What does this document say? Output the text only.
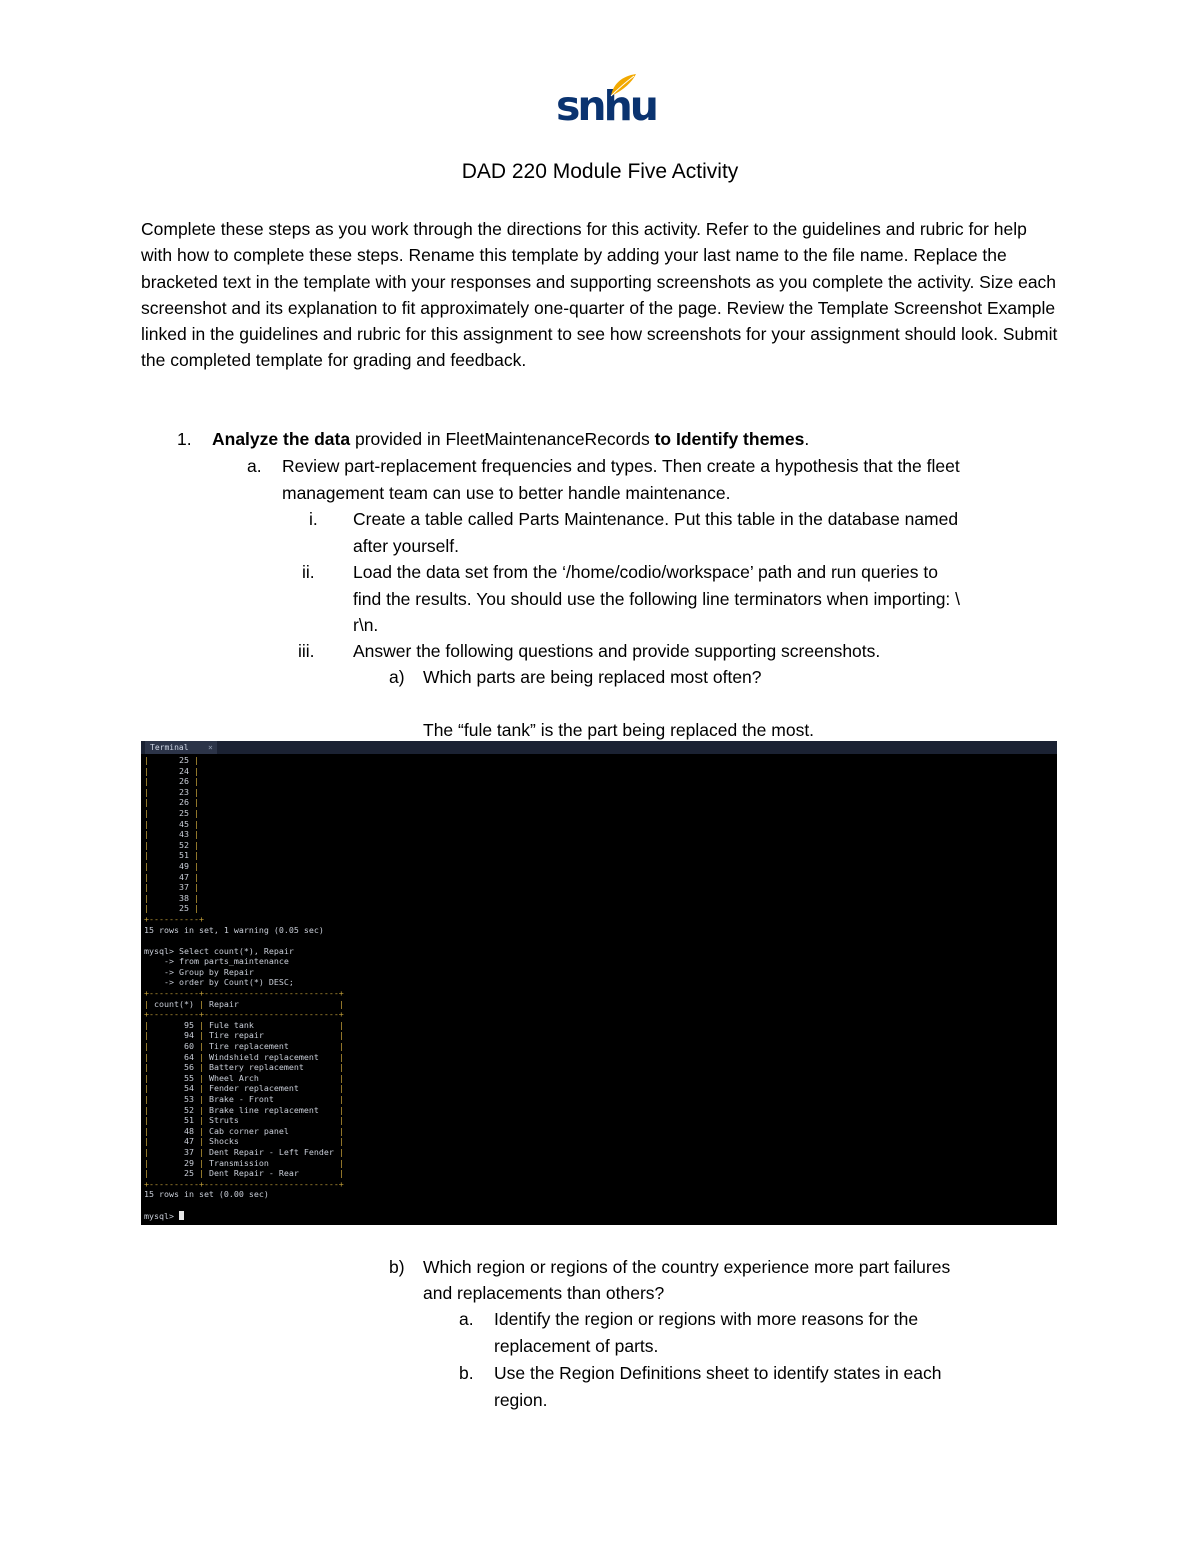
snhu
DAD 220 Module Five Activity
Complete these steps as you work through the directions for this activity. Refer to the guidelines and rubric for help with how to complete these steps. Rename this template by adding your last name to the file name. Replace the bracketed text in the template with your responses and supporting screenshots as you complete the activity. Size each screenshot and its explanation to fit approximately one-quarter of the page. Review the Template Screenshot Example linked in the guidelines and rubric for this assignment to see how screenshots for your assignment should look. Submit the completed template for grading and feedback.
1. Analyze the data provided in FleetMaintenanceRecords to Identify themes.
a. Review part-replacement frequencies and types. Then create a hypothesis that the fleet
management team can use to better handle maintenance.
i. Create a table called Parts Maintenance. Put this table in the database named
after yourself.
ii. Load the data set from the ‘/home/codio/workspace’ path and run queries to
find the results. You should use the following line terminators when importing: \
r\n.
iii. Answer the following questions and provide supporting screenshots.
a) Which parts are being replaced most often?
The “fule tank” is the part being replaced the most.
Terminal ×
|      25 |
|      24 |
|      26 |
|      23 |
|      26 |
|      25 |
|      45 |
|      43 |
|      52 |
|      51 |
|      49 |
|      47 |
|      37 |
|      38 |
|      25 |
+----------+
15 rows in set, 1 warning (0.05 sec)

mysql> Select count(*), Repair
-> from parts_maintenance
-> Group by Repair
-> order by Count(*) DESC;
+----------+---------------------------+
| count(*) | Repair                    |
+----------+---------------------------+
|       95 | Fule tank                 |
|       94 | Tire repair               |
|       60 | Tire replacement          |
|       64 | Windshield replacement    |
|       56 | Battery replacement       |
|       55 | Wheel Arch                |
|       54 | Fender replacement        |
|       53 | Brake - Front             |
|       52 | Brake line replacement    |
|       51 | Struts                    |
|       48 | Cab corner panel          |
|       47 | Shocks                    |
|       37 | Dent Repair - Left Fender |
|       29 | Transmission              |
|       25 | Dent Repair - Rear        |
+----------+---------------------------+
15 rows in set (0.00 sec)

mysql>
b) Which region or regions of the country experience more part failures
and replacements than others?
a. Identify the region or regions with more reasons for the
replacement of parts.
b. Use the Region Definitions sheet to identify states in each
region.
